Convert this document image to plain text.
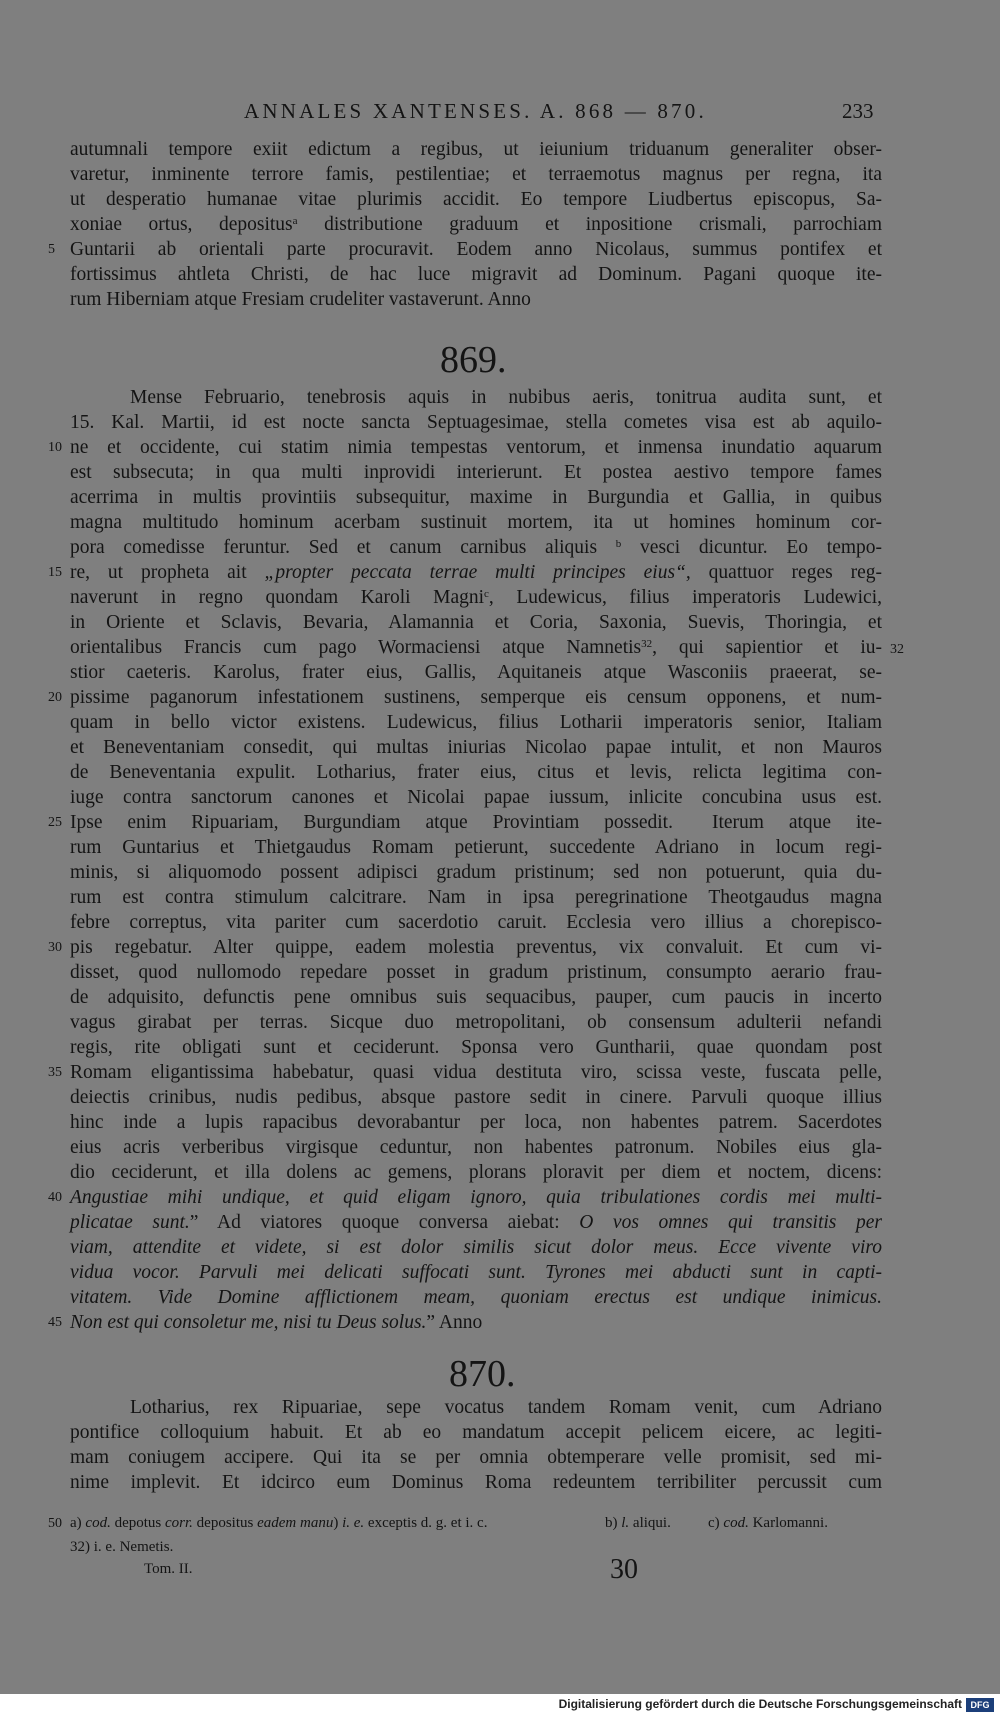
ANNALES XANTENSES. A. 868 — 870.	233
autumnali tempore exiit edictum a regibus, ut ieiunium triduanum generaliter obser-
varetur, inminente terrore famis, pestilentiae; et terraemotus magnus per regna, ita
ut desperatio humanae vitae plurimis accidit. Eo tempore Liudbertus episcopus, Sa-
xoniae ortus, depositus$^a$ distributione graduum et inpositione crismali, parrochiam
5 Guntarii ab orientali parte procuravit. Eodem anno Nicolaus, summus pontifex et
fortissimus ahtleta Christi, de hac luce migravit ad Dominum. Pagani quoque ite-
rum Hiberniam atque Fresiam crudeliter vastaverunt. Anno
869.
Mense Februario, tenebrosis aquis in nubibus aeris, tonitrua audita sunt, et
15. Kal. Martii, id est nocte sancta Septuagesimae, stella cometes visa est ab aquilo-
10 ne et occidente, cui statim nimia tempestas ventorum, et inmensa inundatio aquarum
est subsecuta; in qua multi inprovidi interierunt. Et postea aestivo tempore fames
acerrima in multis provintiis subsequitur, maxime in Burgundia et Gallia, in quibus
magna multitudo hominum acerbam sustinuit mortem, ita ut homines hominum cor-
pora comedisse feruntur. Sed et canum carnibus aliquis $^b$ vesci dicuntur. Eo tempo-
15 re, ut propheta ait „propter peccata terrae multi principes eius“, quattuor reges reg-
naverunt in regno quondam Karoli Magni$^c$, Ludewicus, filius imperatoris Ludewici,
in Oriente et Sclavis, Bevaria, Alamannia et Coria, Saxonia, Suevis, Thoringia, et
orientalibus Francis cum pago Wormaciensi atque Namnetis$^{32}$, qui sapientior et iu- 32
stior caeteris. Karolus, frater eius, Gallis, Aquitaneis atque Wasconiis praeerat, se-
20 pissime paganorum infestationem sustinens, semperque eis censum opponens, et num-
quam in bello victor existens. Ludewicus, filius Lotharii imperatoris senior, Italiam
et Beneventaniam consedit, qui multas iniurias Nicolao papae intulit, et non Mauros
de Beneventania expulit. Lotharius, frater eius, citus et levis, relicta legitima con-
iuge contra sanctorum canones et Nicolai papae iussum, inlicite concubina usus est.
25 Ipse enim Ripuariam, Burgundiam atque Provintiam possedit.   Iterum atque ite-
rum Guntarius et Thietgaudus Romam petierunt, succedente Adriano in locum regi-
minis, si aliquomodo possent adipisci gradum pristinum; sed non potuerunt, quia du-
rum est contra stimulum calcitrare. Nam in ipsa peregrinatione Theotgaudus magna
febre correptus, vita pariter cum sacerdotio caruit. Ecclesia vero illius a chorepisco-
30 pis regebatur. Alter quippe, eadem molestia preventus, vix convaluit. Et cum vi-
disset, quod nullomodo repedare posset in gradum pristinum, consumpto aerario frau-
de adquisito, defunctis pene omnibus suis sequacibus, pauper, cum paucis in incerto
vagus girabat per terras. Sicque duo metropolitani, ob consensum adulterii nefandi
regis, rite obligati sunt et ceciderunt. Sponsa vero Guntharii, quae quondam post
35 Romam eligantissima habebatur, quasi vidua destituta viro, scissa veste, fuscata pelle,
deiectis crinibus, nudis pedibus, absque pastore sedit in cinere. Parvuli quoque illius
hinc inde a lupis rapacibus devorabantur per loca, non habentes patrem. Sacerdotes
eius acris verberibus virgisque ceduntur, non habentes patronum. Nobiles eius gla-
dio ceciderunt, et illa dolens ac gemens, plorans ploravit per diem et noctem, dicens:
40 Angustiae mihi undique, et quid eligam ignoro, quia tribulationes cordis mei multi-
plicatae sunt.” Ad viatores quoque conversa aiebat: O vos omnes qui transitis per
viam, attendite et videte, si est dolor similis sicut dolor meus. Ecce vivente viro
vidua vocor. Parvuli mei delicati suffocati sunt. Tyrones mei abducti sunt in capti-
vitatem. Vide Domine afflictionem meam, quoniam erectus est undique inimicus.
45 Non est qui consoletur me, nisi tu Deus solus.” Anno
870.
Lotharius, rex Ripuariae, sepe vocatus tandem Romam venit, cum Adriano
pontifice colloquium habuit. Et ab eo mandatum accepit pelicem eicere, ac legiti-
mam coniugem accipere. Qui ita se per omnia obtemperare velle promisit, sed mi-
nime implevit. Et idcirco eum Dominus Roma redeuntem terribiliter percussit cum
50 a) cod. depotus corr. depositus eadem manu) i. e. exceptis d. g. et i. c.	b) l. aliqui. c) cod. Karlomanni.
32) i. e. Nemetis.
Tom. II.	30
Digitalisierung gefördert durch die Deutsche Forschungsgemeinschaft DFG
